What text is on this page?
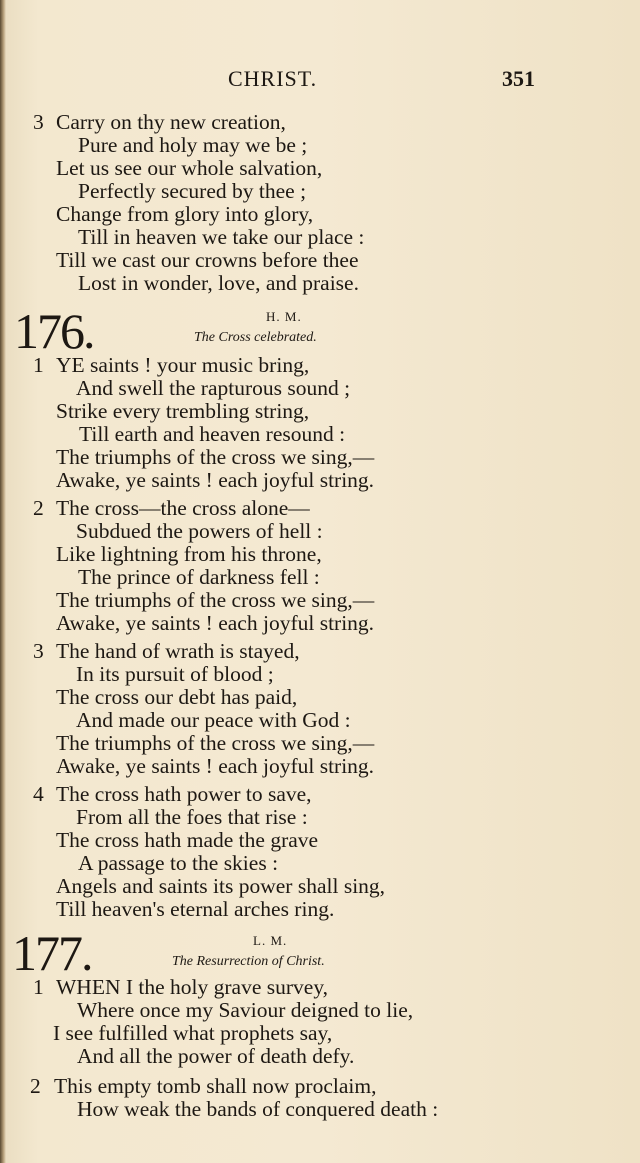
CHRIST.	351
3 Carry on thy new creation,
Pure and holy may we be ;
Let us see our whole salvation,
Perfectly secured by thee ;
Change from glory into glory,
Till in heaven we take our place :
Till we cast our crowns before thee
Lost in wonder, love, and praise.
176.	H. M.
The Cross celebrated.
1 YE saints ! your music bring,
And swell the rapturous sound ;
Strike every trembling string,
Till earth and heaven resound :
The triumphs of the cross we sing,—
Awake, ye saints ! each joyful string.
2 The cross—the cross alone—
Subdued the powers of hell :
Like lightning from his throne,
The prince of darkness fell :
The triumphs of the cross we sing,—
Awake, ye saints ! each joyful string.
3 The hand of wrath is stayed,
In its pursuit of blood ;
The cross our debt has paid,
And made our peace with God :
The triumphs of the cross we sing,—
Awake, ye saints ! each joyful string.
4 The cross hath power to save,
From all the foes that rise :
The cross hath made the grave
A passage to the skies :
Angels and saints its power shall sing,
Till heaven's eternal arches ring.
177.	L. M.
The Resurrection of Christ.
1 WHEN I the holy grave survey,
Where once my Saviour deigned to lie,
I see fulfilled what prophets say,
And all the power of death defy.
2 This empty tomb shall now proclaim,
How weak the bands of conquered death :
